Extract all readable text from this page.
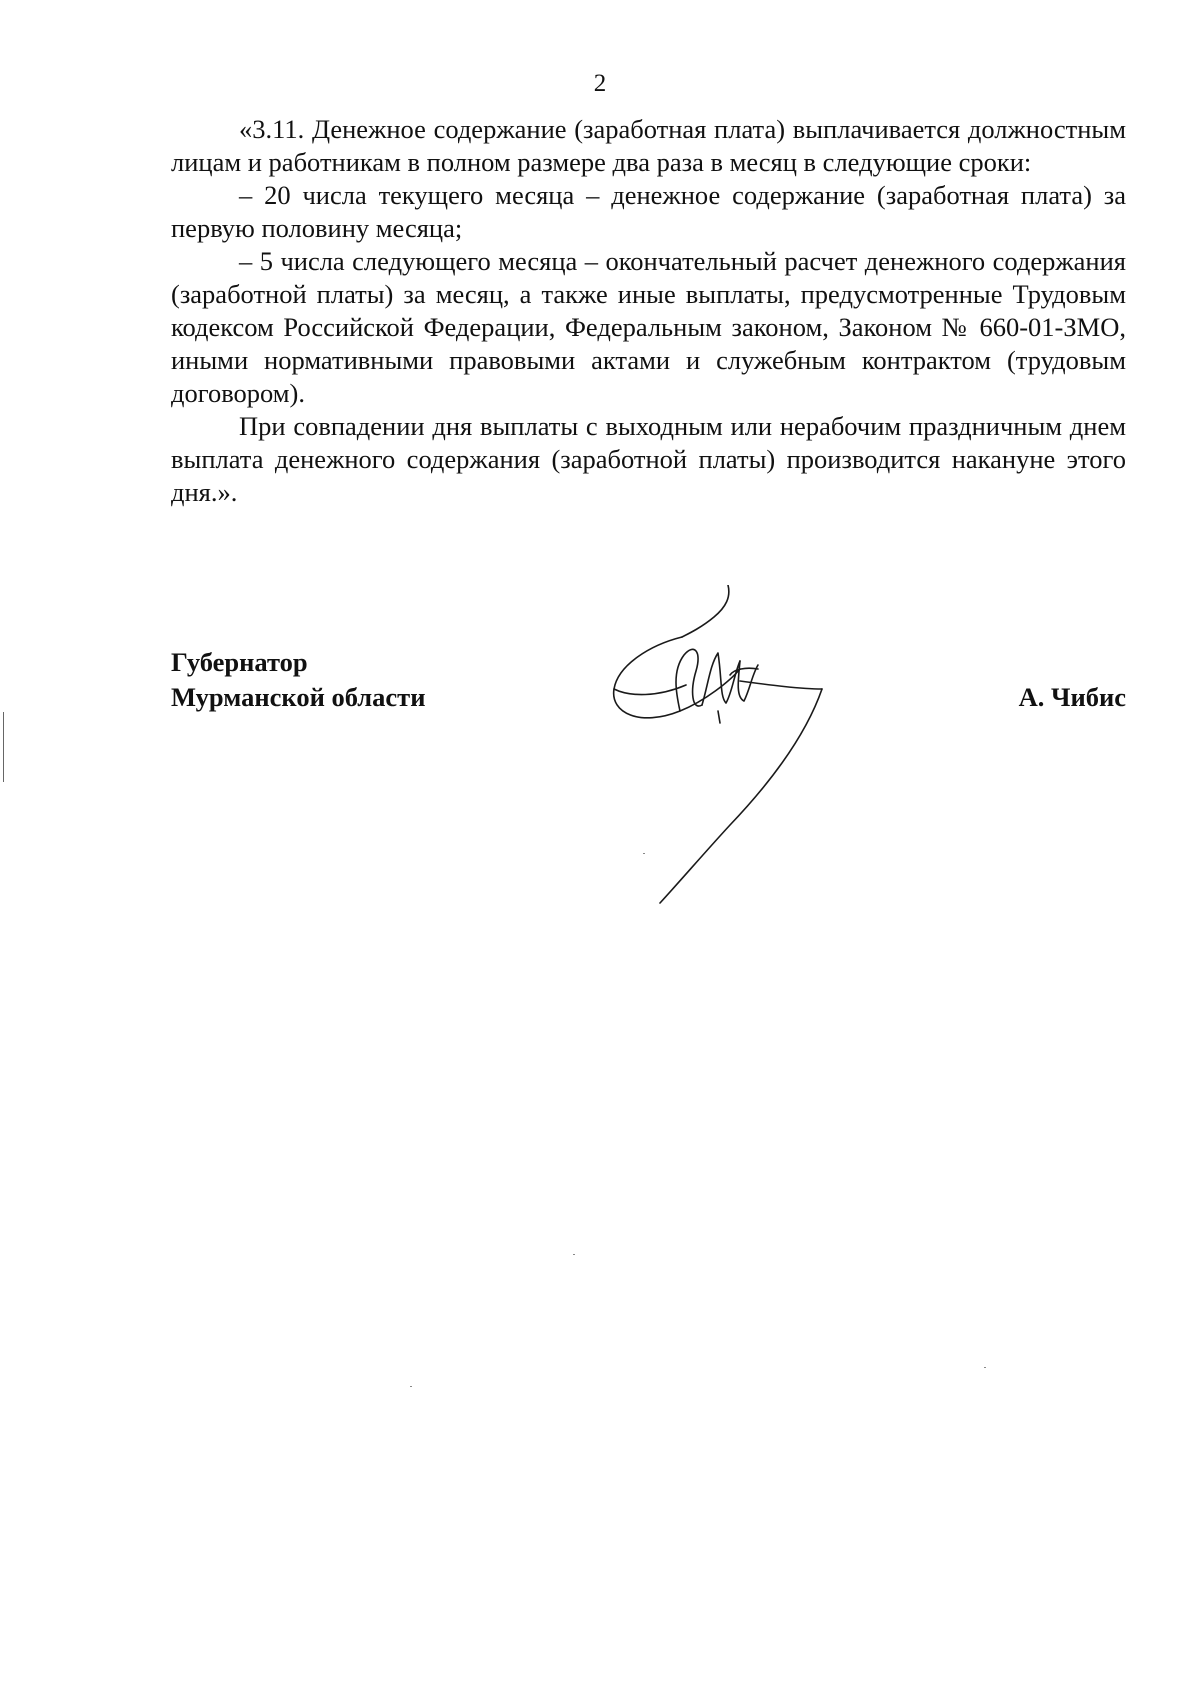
2

«3.11. Денежное содержание (заработная плата) выплачивается должностным лицам и работникам в полном размере два раза в месяц в следующие сроки:

– 20 числа текущего месяца – денежное содержание (заработная плата) за первую половину месяца;

– 5 числа следующего месяца – окончательный расчет денежного содержания (заработной платы) за месяц, а также иные выплаты, предусмотренные Трудовым кодексом Российской Федерации, Федеральным законом, Законом № 660-01-ЗМО, иными нормативными правовыми актами и служебным контрактом (трудовым договором).

При совпадении дня выплаты с выходным или нерабочим праздничным днем выплата денежного содержания (заработной платы) производится накануне этого дня.».

Губернатор
Мурманской области	А. Чибис
